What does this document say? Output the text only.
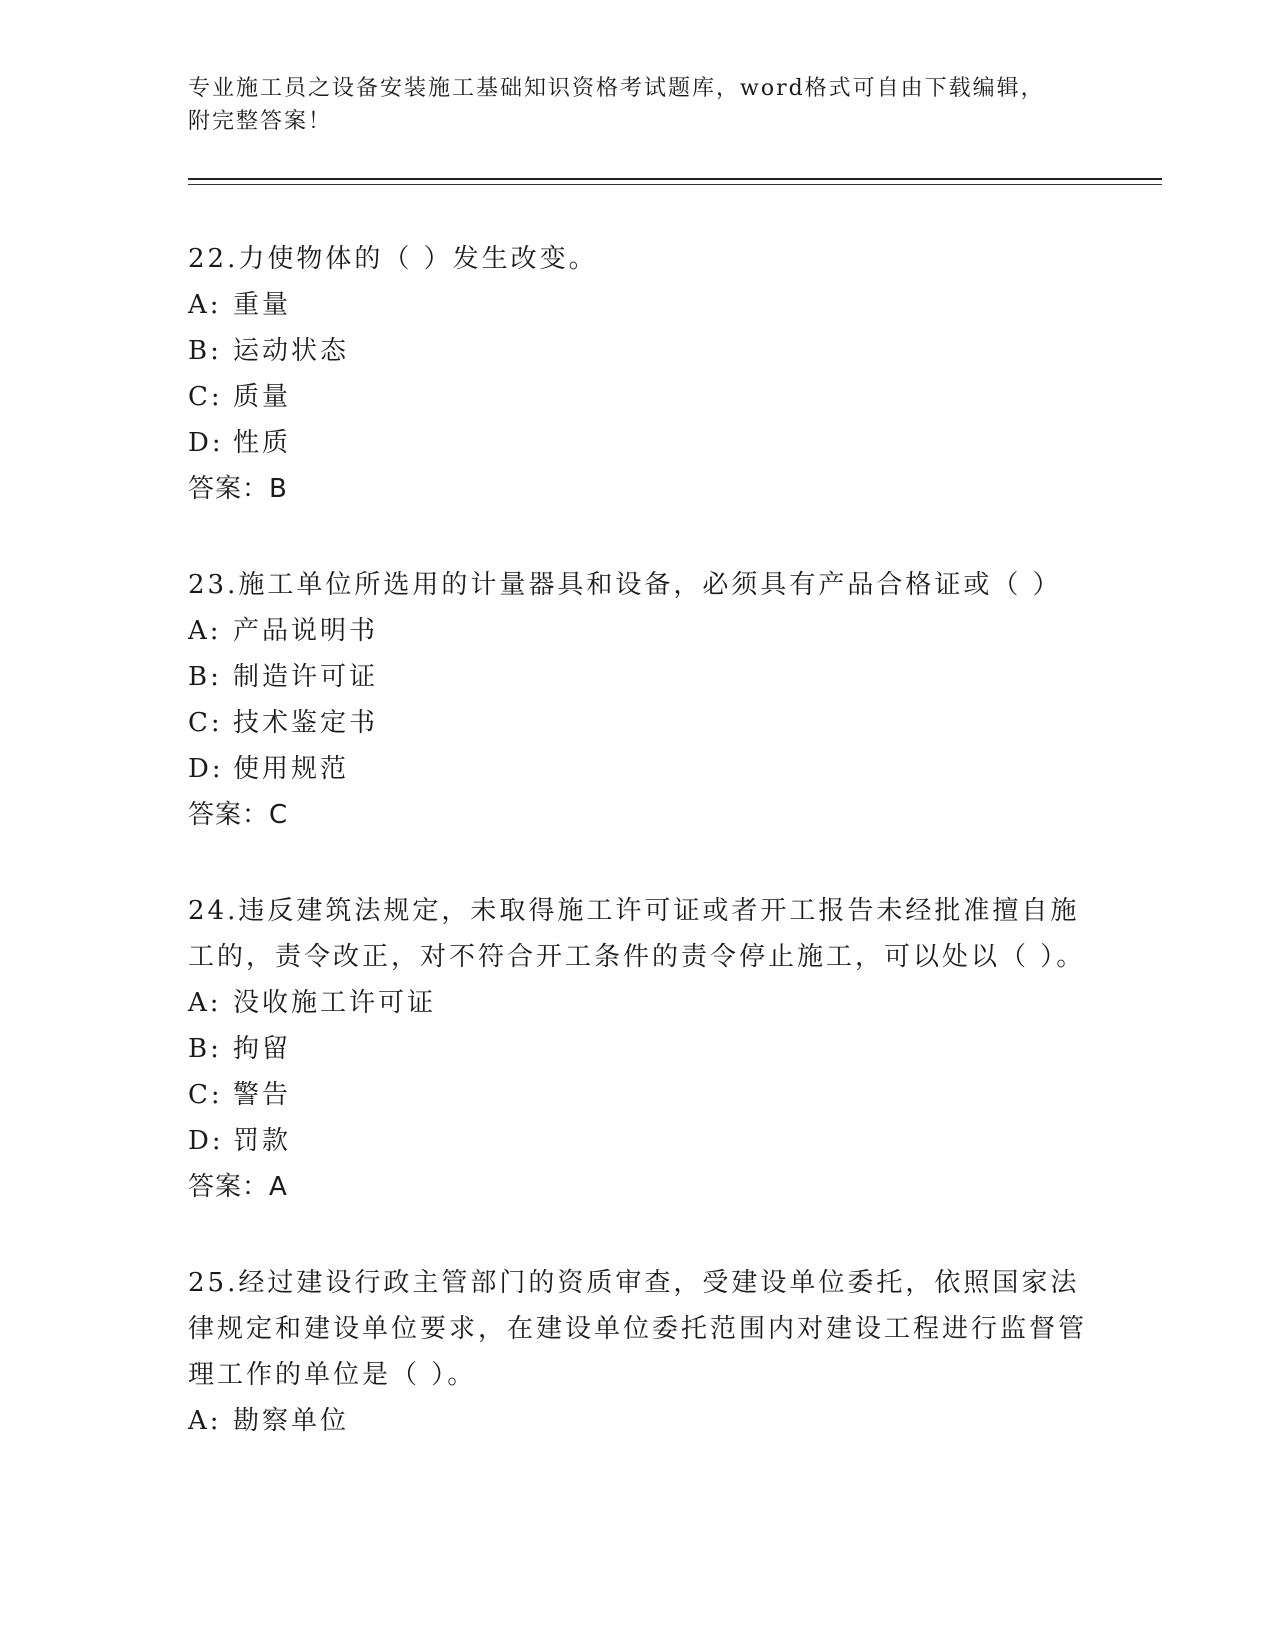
专业施工员之设备安装施工基础知识资格考试题库，word格式可自由下载编辑，
附完整答案！
22.力使物体的（ ）发生改变。
A: 重量
B: 运动状态
C: 质量
D: 性质
答案：B
23.施工单位所选用的计量器具和设备，必须具有产品合格证或（ ）
A: 产品说明书
B: 制造许可证
C: 技术鉴定书
D: 使用规范
答案：C
24.违反建筑法规定，未取得施工许可证或者开工报告未经批准擅自施工的，责令改正，对不符合开工条件的责令停止施工，可以处以（ ）。
A: 没收施工许可证
B: 拘留
C: 警告
D: 罚款
答案：A
25.经过建设行政主管部门的资质审查，受建设单位委托，依照国家法律规定和建设单位要求，在建设单位委托范围内对建设工程进行监督管理工作的单位是（ ）。
A: 勘察单位
